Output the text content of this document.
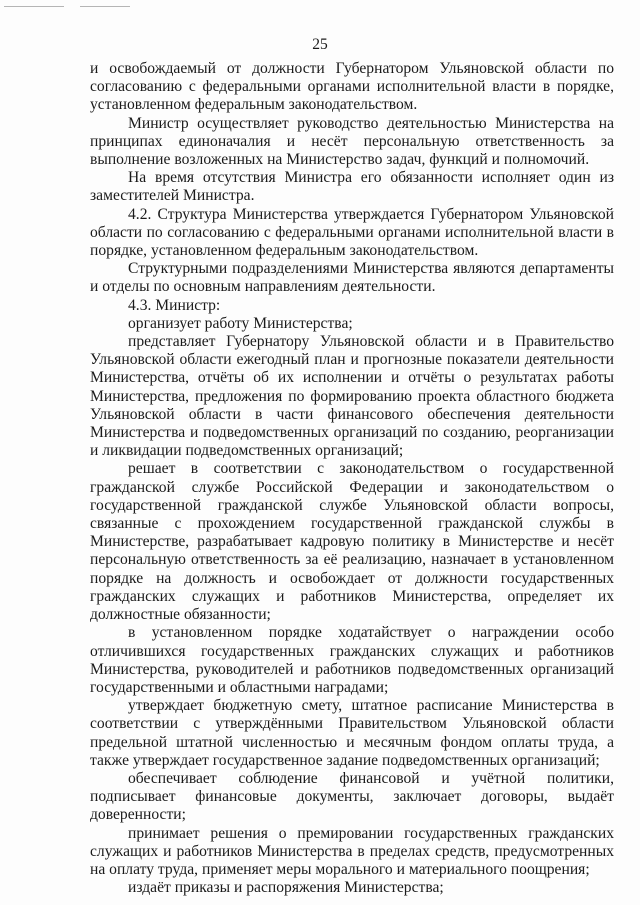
25

и освобождаемый от должности Губернатором Ульяновской области по согласованию с федеральными органами исполнительной власти в порядке, установленном федеральным законодательством.

Министр осуществляет руководство деятельностью Министерства на принципах единоначалия и несёт персональную ответственность за выполнение возложенных на Министерство задач, функций и полномочий.

На время отсутствия Министра его обязанности исполняет один из заместителей Министра.

4.2. Структура Министерства утверждается Губернатором Ульяновской области по согласованию с федеральными органами исполнительной власти в порядке, установленном федеральным законодательством.

Структурными подразделениями Министерства являются департаменты и отделы по основным направлениям деятельности.

4.3. Министр:

организует работу Министерства;

представляет Губернатору Ульяновской области и в Правительство Ульяновской области ежегодный план и прогнозные показатели деятельности Министерства, отчёты об их исполнении и отчёты о результатах работы Министерства, предложения по формированию проекта областного бюджета Ульяновской области в части финансового обеспечения деятельности Министерства и подведомственных организаций по созданию, реорганизации и ликвидации подведомственных организаций;

решает в соответствии с законодательством о государственной гражданской службе Российской Федерации и законодательством о государственной гражданской службе Ульяновской области вопросы, связанные с прохождением государственной гражданской службы в Министерстве, разрабатывает кадровую политику в Министерстве и несёт персональную ответственность за её реализацию, назначает в установленном порядке на должность и освобождает от должности государственных гражданских служащих и работников Министерства, определяет их должностные обязанности;

в установленном порядке ходатайствует о награждении особо отличившихся государственных гражданских служащих и работников Министерства, руководителей и работников подведомственных организаций государственными и областными наградами;

утверждает бюджетную смету, штатное расписание Министерства в соответствии с утверждёнными Правительством Ульяновской области предельной штатной численностью и месячным фондом оплаты труда, а также утверждает государственное задание подведомственных организаций;

обеспечивает соблюдение финансовой и учётной политики, подписывает финансовые документы, заключает договоры, выдаёт доверенности;

принимает решения о премировании государственных гражданских служащих и работников Министерства в пределах средств, предусмотренных на оплату труда, применяет меры морального и материального поощрения;

издаёт приказы и распоряжения Министерства;
